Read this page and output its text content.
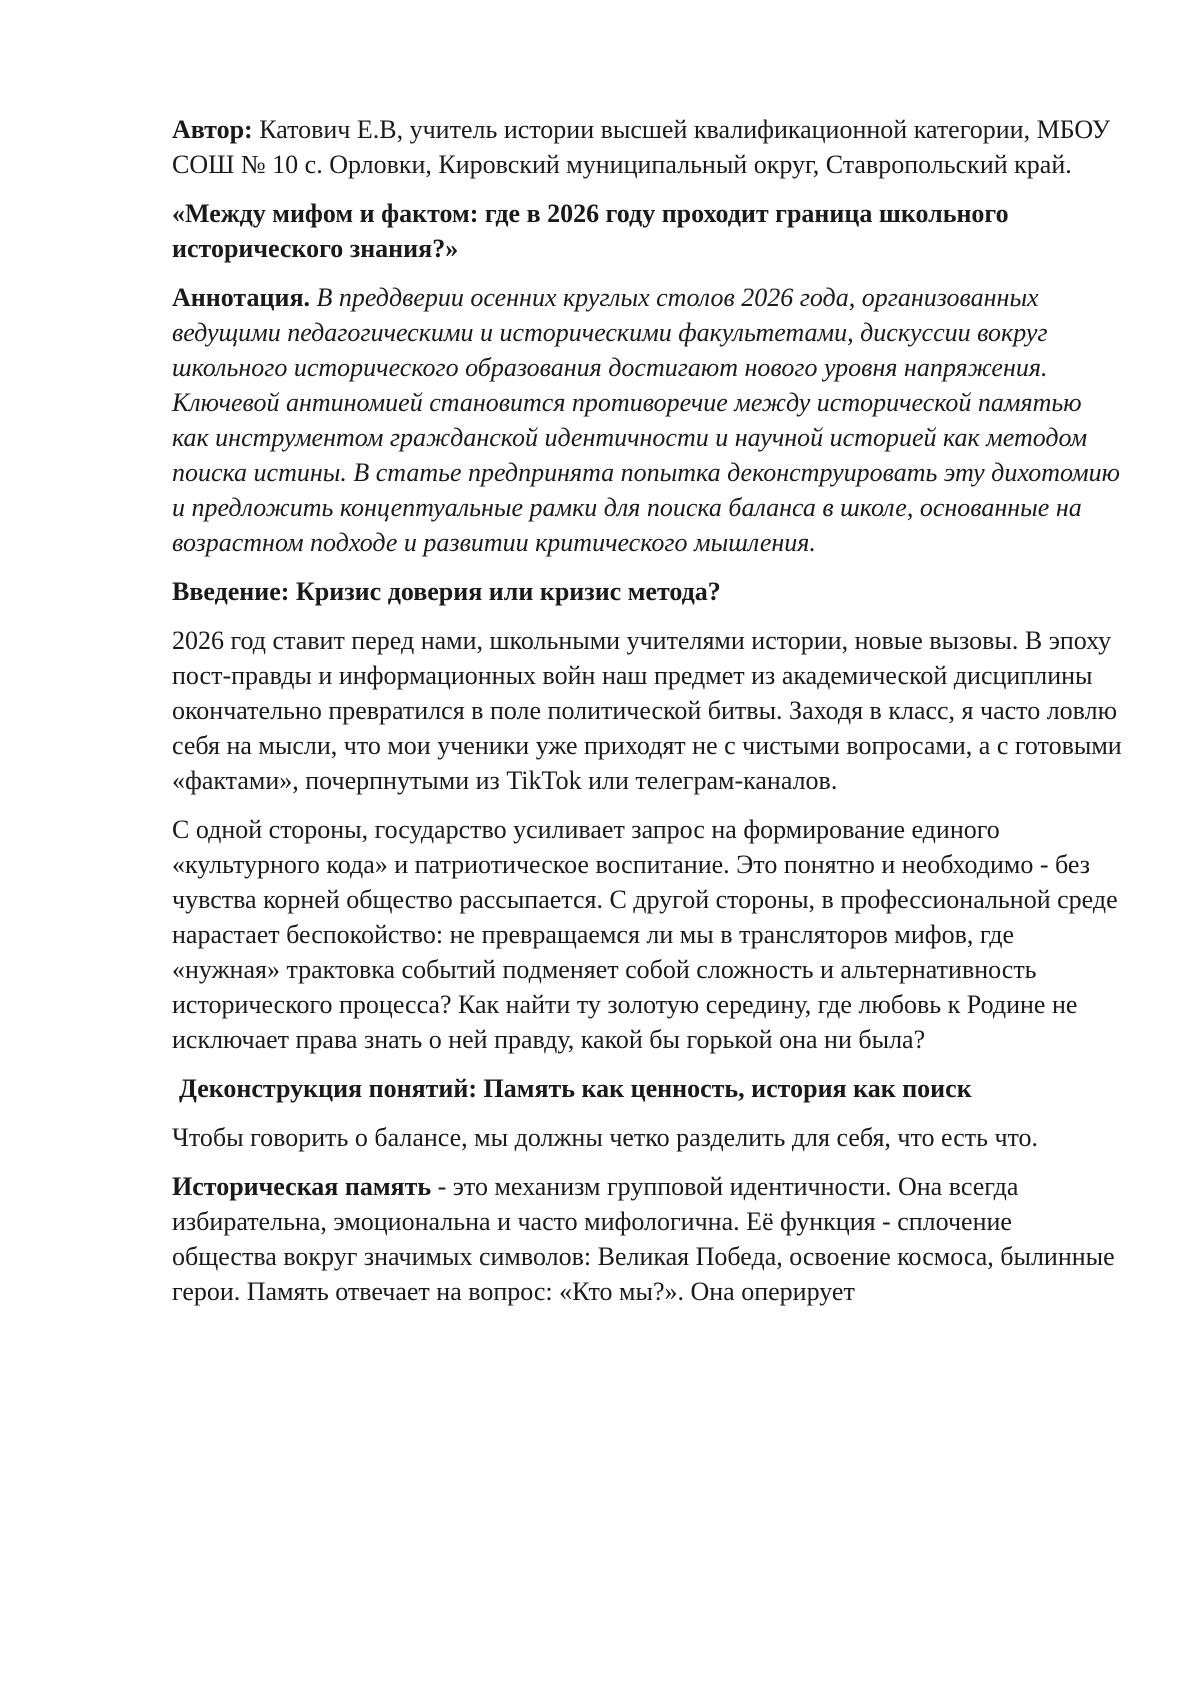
Автор: Катович Е.В, учитель истории высшей квалификационной категории, МБОУ СОШ № 10 с. Орловки, Кировский муниципальный округ, Ставропольский край.

«Между мифом и фактом: где в 2026 году проходит граница школьного исторического знания?»

Аннотация. В преддверии осенних круглых столов 2026 года, организованных ведущими педагогическими и историческими факультетами, дискуссии вокруг школьного исторического образования достигают нового уровня напряжения. Ключевой антиномией становится противоречие между исторической памятью как инструментом гражданской идентичности и научной историей как методом поиска истины. В статье предпринята попытка деконструировать эту дихотомию и предложить концептуальные рамки для поиска баланса в школе, основанные на возрастном подходе и развитии критического мышления.

Введение: Кризис доверия или кризис метода?

2026 год ставит перед нами, школьными учителями истории, новые вызовы. В эпоху пост-правды и информационных войн наш предмет из академической дисциплины окончательно превратился в поле политической битвы. Заходя в класс, я часто ловлю себя на мысли, что мои ученики уже приходят не с чистыми вопросами, а с готовыми «фактами», почерпнутыми из TikTok или телеграм-каналов.

С одной стороны, государство усиливает запрос на формирование единого «культурного кода» и патриотическое воспитание. Это понятно и необходимо - без чувства корней общество рассыпается. С другой стороны, в профессиональной среде нарастает беспокойство: не превращаемся ли мы в трансляторов мифов, где «нужная» трактовка событий подменяет собой сложность и альтернативность исторического процесса? Как найти ту золотую середину, где любовь к Родине не исключает права знать о ней правду, какой бы горькой она ни была?

Деконструкция понятий: Память как ценность, история как поиск

Чтобы говорить о балансе, мы должны четко разделить для себя, что есть что.

Историческая память - это механизм групповой идентичности. Она всегда избирательна, эмоциональна и часто мифологична. Её функция - сплочение общества вокруг значимых символов: Великая Победа, освоение космоса, былинные герои. Память отвечает на вопрос: «Кто мы?». Она оперирует
